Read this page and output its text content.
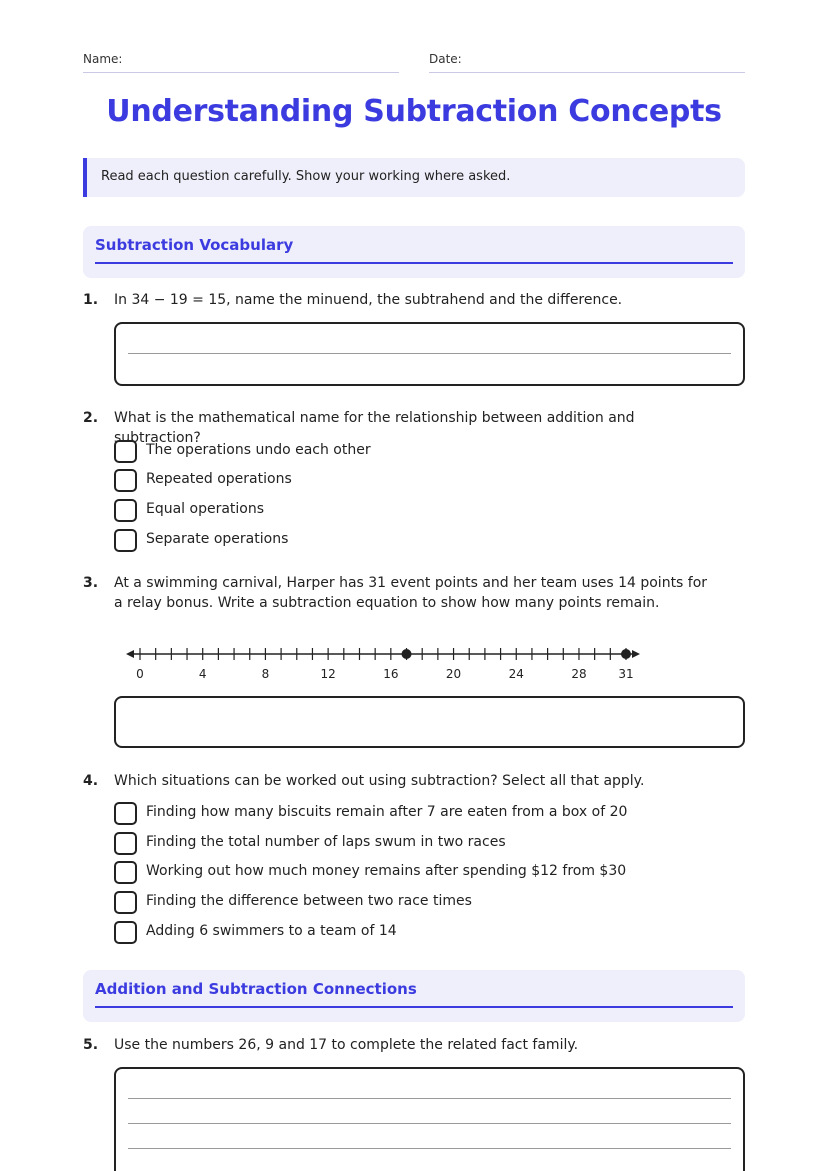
Name:	Date:
Understanding Subtraction Concepts
Read each question carefully. Show your working where asked.
Subtraction Vocabulary
1. In 34 − 19 = 15, name the minuend, the subtrahend and the difference.
2. What is the mathematical name for the relationship between addition and subtraction?
The operations undo each other
Repeated operations
Equal operations
Separate operations
3. At a swimming carnival, Harper has 31 event points and her team uses 14 points for a relay bonus. Write a subtraction equation to show how many points remain.
0	4	8	12	16	20	24	28	31
4. Which situations can be worked out using subtraction? Select all that apply.
Finding how many biscuits remain after 7 are eaten from a box of 20
Finding the total number of laps swum in two races
Working out how much money remains after spending $12 from $30
Finding the difference between two race times
Adding 6 swimmers to a team of 14
Addition and Subtraction Connections
5. Use the numbers 26, 9 and 17 to complete the related fact family.
